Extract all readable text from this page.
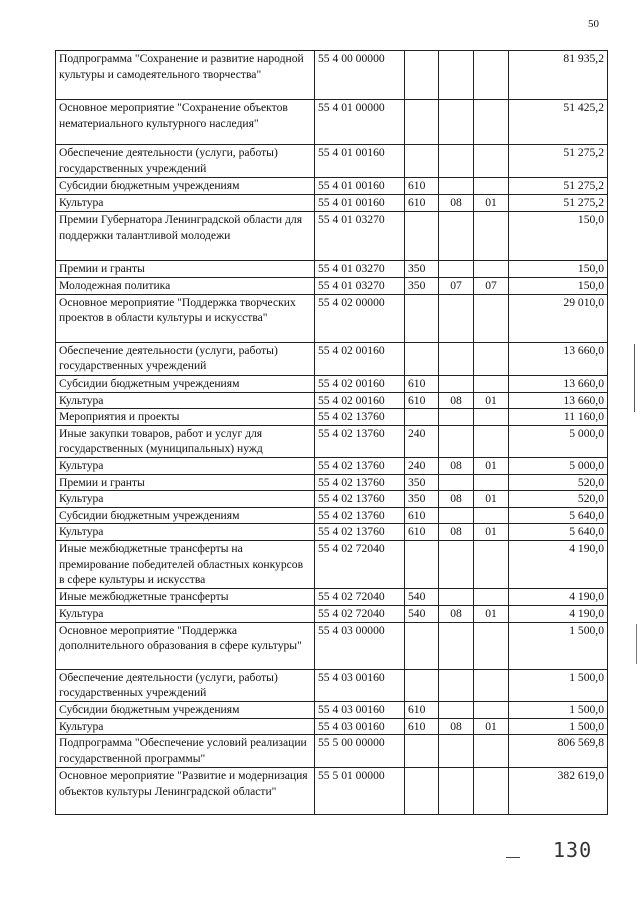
50
Подпрограмма "Сохранение и развитие народной культуры и самодеятельного творчества"	55 4 00 00000				81 935,2
Основное мероприятие "Сохранение объектов нематериального культурного наследия"	55 4 01 00000				51 425,2
Обеспечение деятельности (услуги, работы) государственных учреждений	55 4 01 00160				51 275,2
Субсидии бюджетным учреждениям	55 4 01 00160	610			51 275,2
Культура	55 4 01 00160	610	08	01	51 275,2
Премии Губернатора Ленинградской области для поддержки талантливой молодежи	55 4 01 03270				150,0
Премии и гранты	55 4 01 03270	350			150,0
Молодежная политика	55 4 01 03270	350	07	07	150,0
Основное мероприятие "Поддержка творческих проектов в области культуры и искусства"	55 4 02 00000				29 010,0
Обеспечение деятельности (услуги, работы) государственных учреждений	55 4 02 00160				13 660,0
Субсидии бюджетным учреждениям	55 4 02 00160	610			13 660,0
Культура	55 4 02 00160	610	08	01	13 660,0
Мероприятия и проекты	55 4 02 13760				11 160,0
Иные закупки товаров, работ и услуг для государственных (муниципальных) нужд	55 4 02 13760	240			5 000,0
Культура	55 4 02 13760	240	08	01	5 000,0
Премии и гранты	55 4 02 13760	350			520,0
Культура	55 4 02 13760	350	08	01	520,0
Субсидии бюджетным учреждениям	55 4 02 13760	610			5 640,0
Культура	55 4 02 13760	610	08	01	5 640,0
Иные межбюджетные трансферты на премирование победителей областных конкурсов в сфере культуры и искусства	55 4 02 72040				4 190,0
Иные межбюджетные трансферты	55 4 02 72040	540			4 190,0
Культура	55 4 02 72040	540	08	01	4 190,0
Основное мероприятие "Поддержка дополнительного образования в сфере культуры"	55 4 03 00000				1 500,0
Обеспечение деятельности (услуги, работы) государственных учреждений	55 4 03 00160				1 500,0
Субсидии бюджетным учреждениям	55 4 03 00160	610			1 500,0
Культура	55 4 03 00160	610	08	01	1 500,0
Подпрограмма "Обеспечение условий реализации государственной программы"	55 5 00 00000				806 569,8
Основное мероприятие "Развитие и модернизация объектов культуры Ленинградской области"	55 5 01 00000				382 619,0
130
